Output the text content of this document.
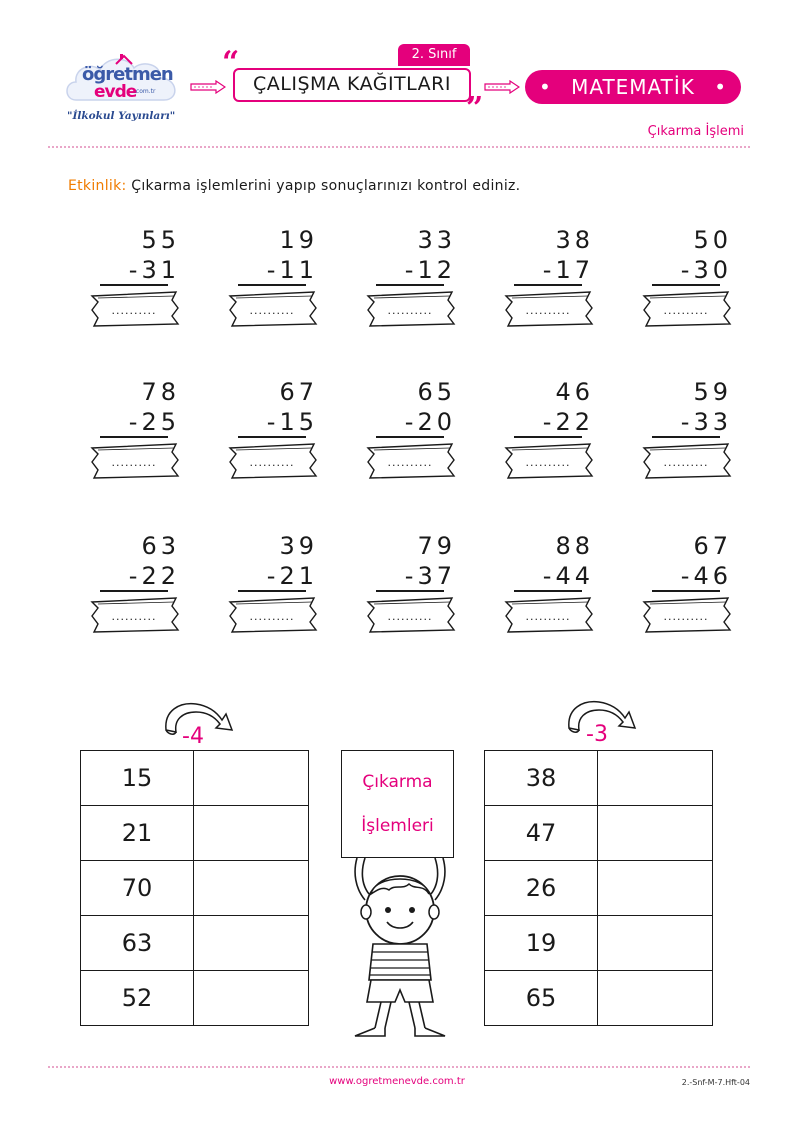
öğretmen
evde
.com.tr
"İlkokul Yayınları"
“	2. Sınıf
ÇALIŞMA KAĞITLARI
”
• MATEMATİK •
Çıkarma İşlemi
Etkinlik: Çıkarma işlemlerini yapıp sonuçlarınızı kontrol ediniz.
55
-31
..........
19
-11
..........
33
-12
..........
38
-17
..........
50
-30
..........
78
-25
..........
67
-15
..........
65
-20
..........
46
-22
..........
59
-33
..........
63
-22
..........
39
-21
..........
79
-37
..........
88
-44
..........
67
-46
..........
-4
15	
21	
70	
63	
52	
-3
38	
47	
26	
19	
65	
Çıkarma
İşlemleri
www.ogretmenevde.com.tr	2.-Snf-M-7.Hft-04
